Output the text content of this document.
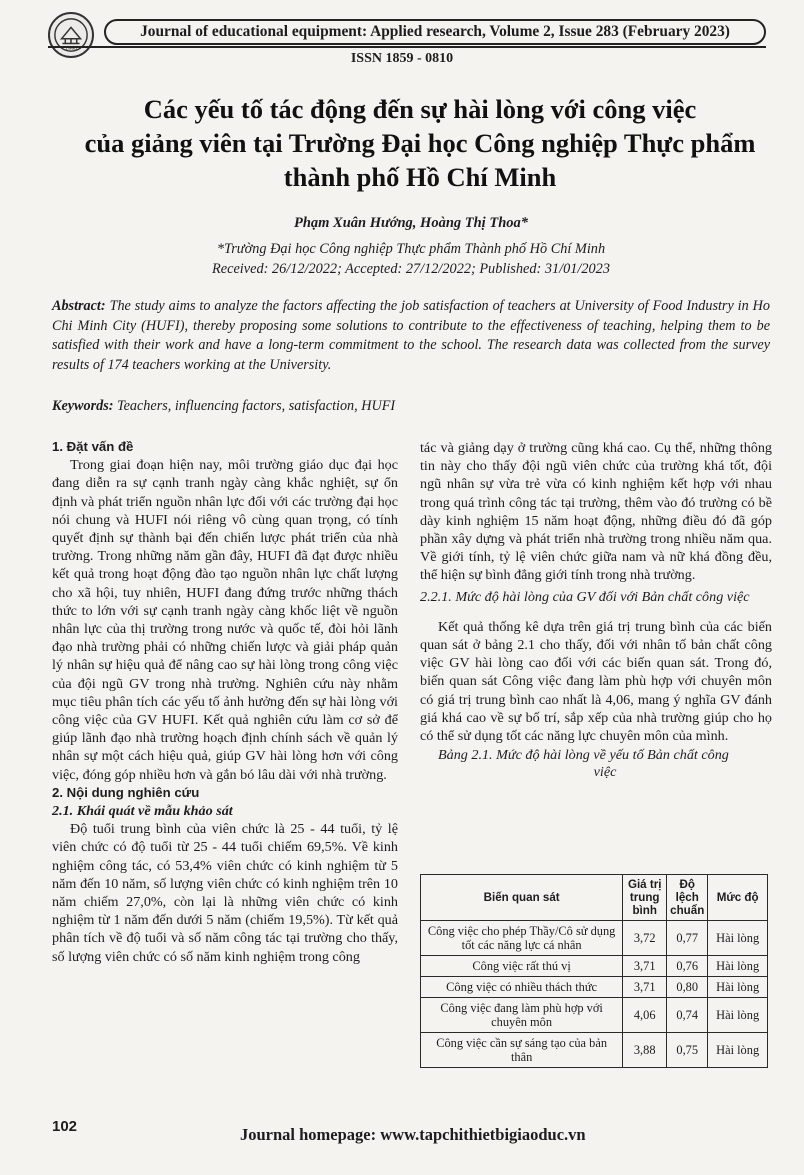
1990
Journal of educational equipment: Applied research, Volume 2, Issue 283 (February 2023)
ISSN 1859 - 0810
Các yếu tố tác động đến sự hài lòng với công việc
của giảng viên tại Trường Đại học Công nghiệp Thực phẩm
thành phố Hồ Chí Minh
Phạm Xuân Hướng, Hoàng Thị Thoa*
*Trường Đại học Công nghiệp Thực phẩm Thành phố Hồ Chí Minh
Received: 26/12/2022; Accepted: 27/12/2022; Published: 31/01/2023
Abstract: The study aims to analyze the factors affecting the job satisfaction of teachers at University of Food Industry in Ho Chi Minh City (HUFI), thereby proposing some solutions to contribute to the effectiveness of teaching, helping them to be satisfied with their work and have a long-term commitment to the school. The research data was collected from the survey results of 174 teachers working at the University.
Keywords: Teachers, influencing factors, satisfaction, HUFI

1. Đặt vấn đề

Trong giai đoạn hiện nay, môi trường giáo dục đại học đang diễn ra sự cạnh tranh ngày càng khắc nghiệt, sự ổn định và phát triển nguồn nhân lực đối với các trường đại học nói chung và HUFI nói riêng vô cùng quan trọng, có tính quyết định sự thành bại đến chiến lược phát triển của nhà trường. Trong những năm gần đây, HUFI đã đạt được nhiều kết quả trong hoạt động đào tạo nguồn nhân lực chất lượng cho xã hội, tuy nhiên, HUFI đang đứng trước những thách thức to lớn với sự cạnh tranh ngày càng khốc liệt về nguồn nhân lực của thị trường trong nước và quốc tế, đòi hỏi lãnh đạo nhà trường phải có những chiến lược và giải pháp quản lý nhân sự hiệu quả để nâng cao sự hài lòng trong công việc của đội ngũ GV trong nhà trường. Nghiên cứu này nhằm mục tiêu phân tích các yếu tố ảnh hưởng đến sự hài lòng với công việc của GV HUFI. Kết quả nghiên cứu làm cơ sở để giúp lãnh đạo nhà trường hoạch định chính sách về quản lý nhân sự một cách hiệu quả, giúp GV hài lòng hơn với công việc, đóng góp nhiều hơn và gắn bó lâu dài với nhà trường.

2. Nội dung nghiên cứu

2.1. Khái quát về mẫu khảo sát

Độ tuổi trung bình của viên chức là 25 - 44 tuổi, tỷ lệ viên chức có độ tuổi từ 25 - 44 tuổi chiếm 69,5%. Về kinh nghiệm công tác, có 53,4% viên chức có kinh nghiệm từ 5 năm đến 10 năm, số lượng viên chức có kinh nghiệm trên 10 năm chiếm 27,0%, còn lại là những viên chức có kinh nghiệm từ 1 năm đến dưới 5 năm (chiếm 19,5%). Từ kết quả phân tích về độ tuổi và số năm công tác tại trường cho thấy, số lượng viên chức có số năm kinh nghiệm trong công

tác và giảng dạy ở trường cũng khá cao. Cụ thể, những thông tin này cho thấy đội ngũ viên chức của trường khá tốt, đội ngũ nhân sự vừa trẻ vừa có kinh nghiệm kết hợp với nhau trong quá trình công tác tại trường, thêm vào đó trường có bề dày kinh nghiệm 15 năm hoạt động, những điều đó đã góp phần xây dựng và phát triển nhà trường trong nhiều năm qua. Về giới tính, tỷ lệ viên chức giữa nam và nữ khá đồng đều, thể hiện sự bình đẳng giới tính trong nhà trường.

2.2.1. Mức độ hài lòng của GV đối với Bản chất công việc

Kết quả thống kê dựa trên giá trị trung bình của các biến quan sát ở bảng 2.1 cho thấy, đối với nhân tố bản chất công việc GV hài lòng cao đối với các biến quan sát. Trong đó, biến quan sát Công việc đang làm phù hợp với chuyên môn có giá trị trung bình cao nhất là 4,06, mang ý nghĩa GV đánh giá khá cao về sự bố trí, sắp xếp của nhà trường giúp cho họ có thể sử dụng tốt các năng lực chuyên môn của mình.

Bảng 2.1. Mức độ hài lòng về yếu tố Bản chất công
việc

Biến quan sát	Giá trị trung bình	Độ lệch chuẩn	Mức độ
Công việc cho phép Thầy/Cô sử dụng tốt các năng lực cá nhân	3,72	0,77	Hài lòng
Công việc rất thú vị	3,71	0,76	Hài lòng
Công việc có nhiều thách thức	3,71	0,80	Hài lòng
Công việc đang làm phù hợp với chuyên môn	4,06	0,74	Hài lòng
Công việc cần sự sáng tạo của bản thân	3,88	0,75	Hài lòng
102	Journal homepage: www.tapchithietbigiaoduc.vn
